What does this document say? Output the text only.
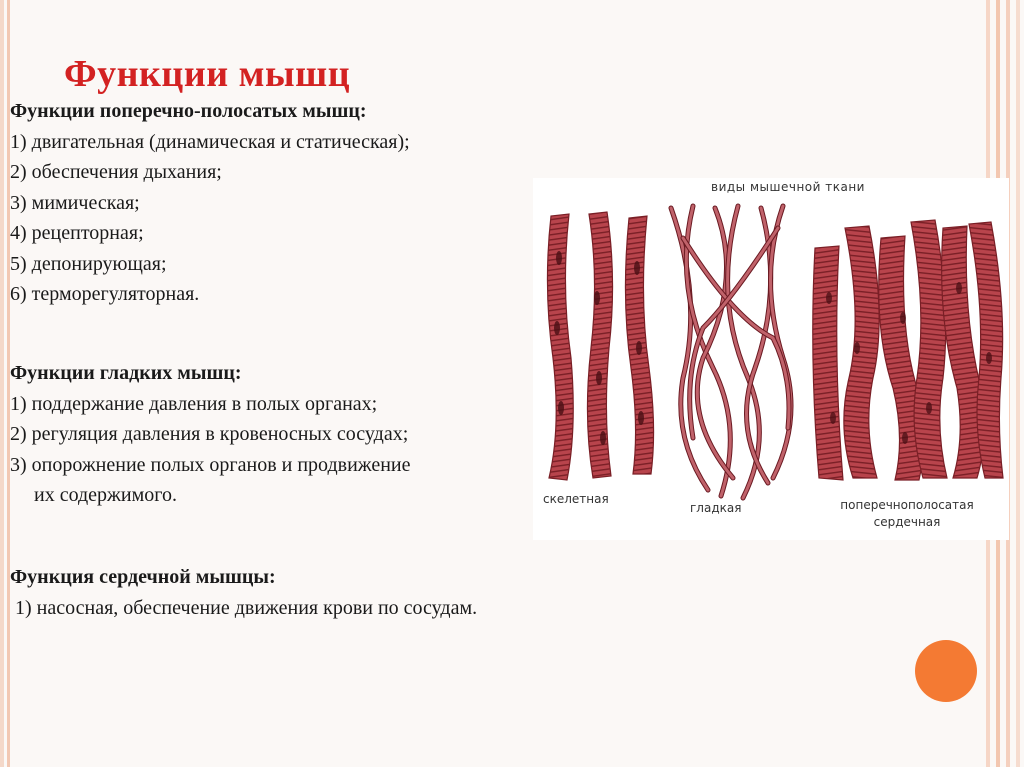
Функции мышц
Функции поперечно-полосатых мышц:
1) двигательная (динамическая и статическая);
2) обеспечения дыхания;
3) мимическая;
4) рецепторная;
5) депонирующая;
6) терморегуляторная.
Функции гладких мышц:
1) поддержание давления в полых органах;
2) регуляция давления в кровеносных сосудах;
3) опорожнение полых органов и продвижение
их содержимого.
Функция сердечной мышцы:
1) насосная, обеспечение движения крови по сосудам.
виды мышечной ткани
скелетная
гладкая	поперечнополосатая
сердечная
